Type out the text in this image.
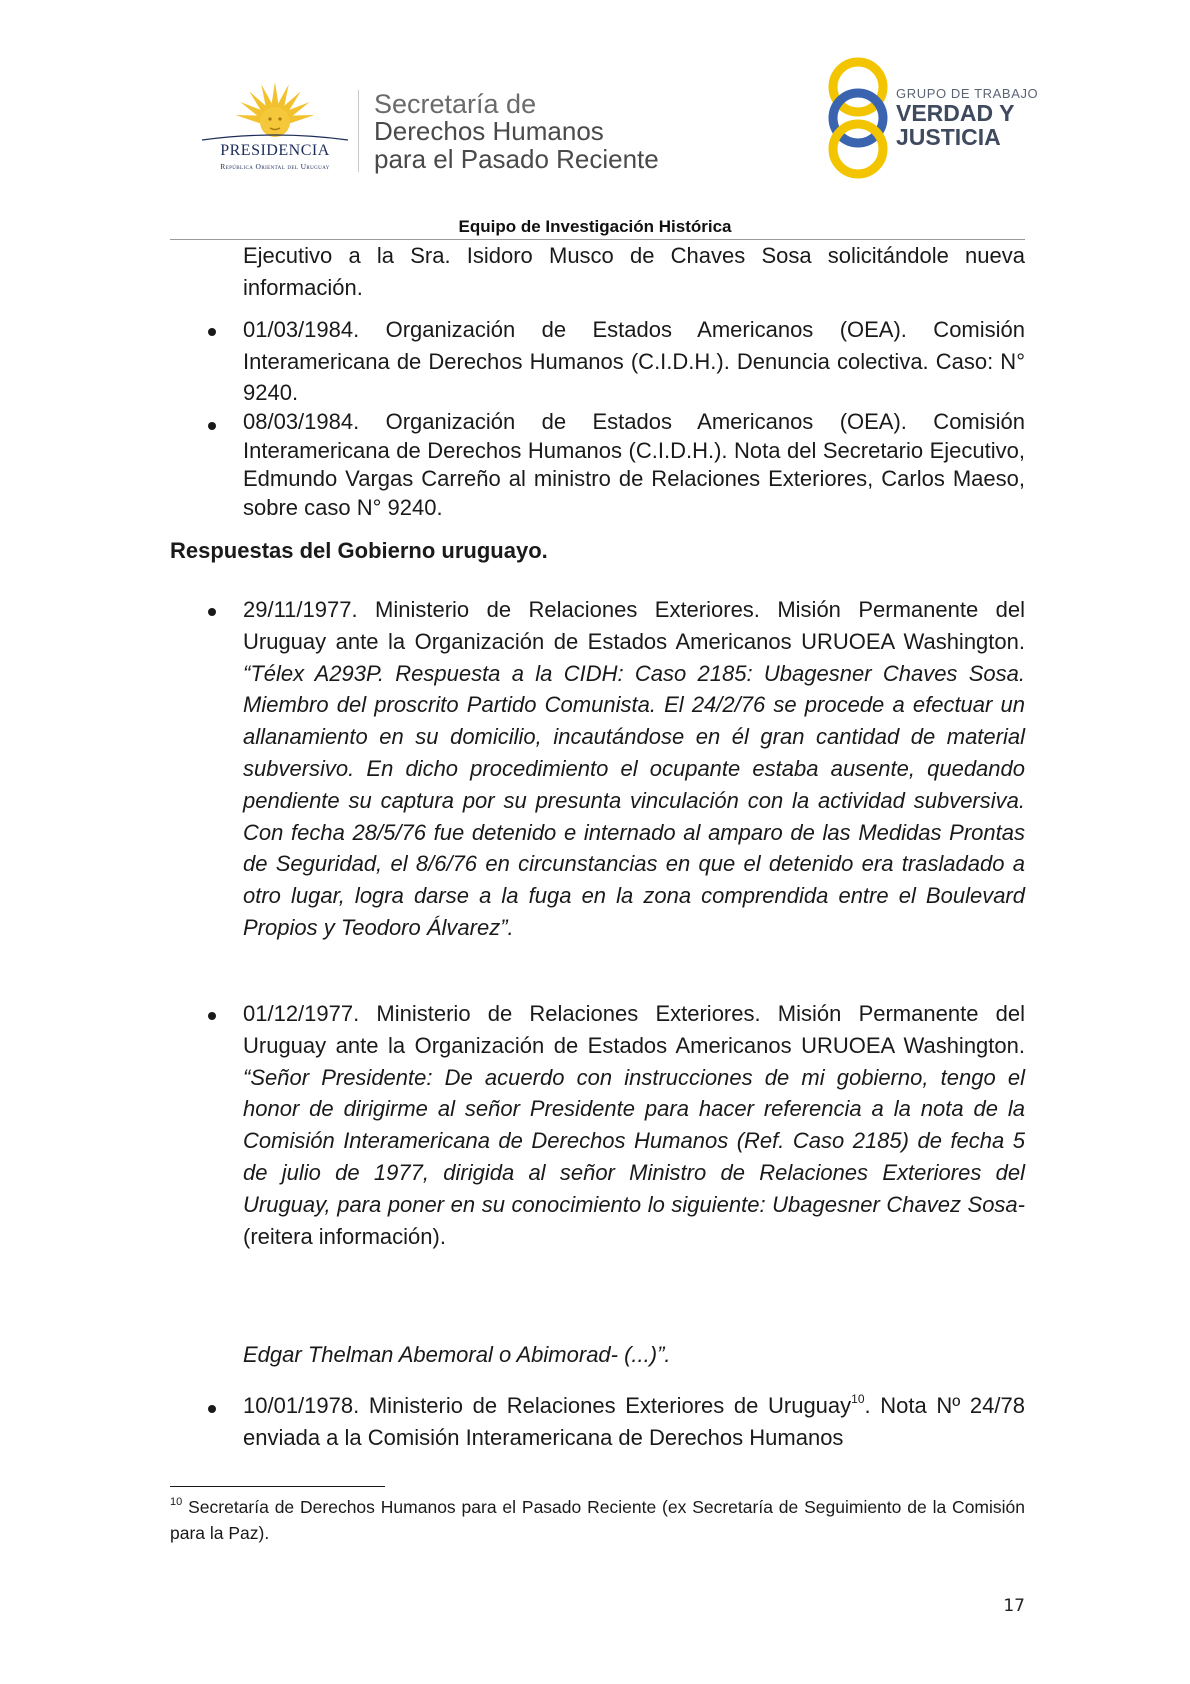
PRESIDENCIA
República Oriental del Uruguay
Secretaría de
Derechos Humanos
para el Pasado Reciente
GRUPO DE TRABAJO
VERDAD Y
JUSTICIA
Equipo de Investigación Histórica

Ejecutivo a la Sra. Isidoro Musco de Chaves Sosa solicitándole nueva información.

01/03/1984. Organización de Estados Americanos (OEA). Comisión Interamericana de Derechos Humanos (C.I.D.H.). Denuncia colectiva. Caso: N° 9240.

08/03/1984. Organización de Estados Americanos (OEA). Comisión Interamericana de Derechos Humanos (C.I.D.H.). Nota del Secretario Ejecutivo, Edmundo Vargas Carreño al ministro de Relaciones Exteriores, Carlos Maeso, sobre caso N° 9240.

Respuestas del Gobierno uruguayo.

29/11/1977. Ministerio de Relaciones Exteriores. Misión Permanente del Uruguay ante la Organización de Estados Americanos URUOEA Washington. “Télex A293P. Respuesta a la CIDH: Caso 2185: Ubagesner Chaves Sosa. Miembro del proscrito Partido Comunista. El 24/2/76 se procede a efectuar un allanamiento en su domicilio, incautándose en él gran cantidad de material subversivo. En dicho procedimiento el ocupante estaba ausente, quedando pendiente su captura por su presunta vinculación con la actividad subversiva. Con fecha 28/5/76 fue detenido e internado al amparo de las Medidas Prontas de Seguridad, el 8/6/76 en circunstancias en que el detenido era trasladado a otro lugar, logra darse a la fuga en la zona comprendida entre el Boulevard Propios y Teodoro Álvarez”.

01/12/1977. Ministerio de Relaciones Exteriores. Misión Permanente del Uruguay ante la Organización de Estados Americanos URUOEA Washington. “Señor Presidente: De acuerdo con instrucciones de mi gobierno, tengo el honor de dirigirme al señor Presidente para hacer referencia a la nota de la Comisión Interamericana de Derechos Humanos (Ref. Caso 2185) de fecha 5 de julio de 1977, dirigida al señor Ministro de Relaciones Exteriores del Uruguay, para poner en su conocimiento lo siguiente: Ubagesner Chavez Sosa- (reitera información).

Edgar Thelman Abemoral o Abimorad- (...)”.

10/01/1978. Ministerio de Relaciones Exteriores de Uruguay$^{10}$. Nota Nº 24/78 enviada a la Comisión Interamericana de Derechos Humanos

$^{10}$ Secretaría de Derechos Humanos para el Pasado Reciente (ex Secretaría de Seguimiento de la Comisión para la Paz).
17
